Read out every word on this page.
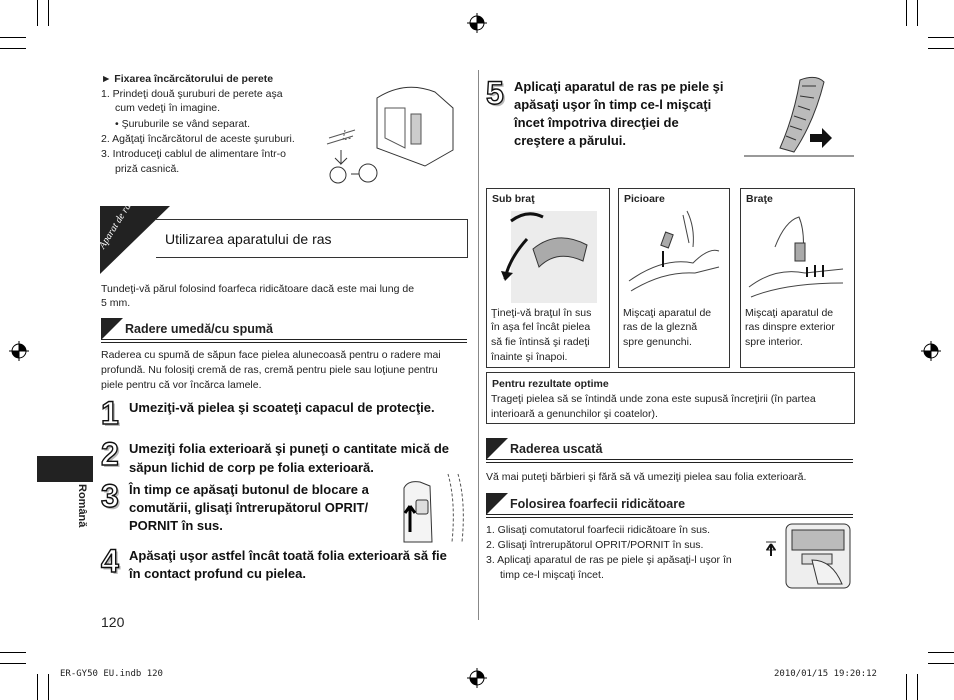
► Fixarea încărcătorului de perete
1. Prindeţi două şuruburi de perete aşa
cum vedeţi în imagine.
• Şuruburile se vând separat.
2. Agăţaţi încărcătorul de aceste şuruburi.
3. Introduceţi cablul de alimentare într-o
priză casnică.
Aparat de ras Utilizarea aparatului de ras
Tundeţi-vă părul folosind foarfeca ridicătoare dacă este mai lung de
5 mm.
Radere umedă/cu spumă
Raderea cu spumă de săpun face pielea alunecoasă pentru o radere mai
profundă. Nu folosiţi cremă de ras, cremă pentru piele sau loţiune pentru
piele pentru că vor încărca lamele.
1 Umeziţi-vă pielea şi scoateţi capacul de protecţie.
2 Umeziţi folia exterioară şi puneţi o cantitate mică de
săpun lichid de corp pe folia exterioară.
3 În timp ce apăsaţi butonul de blocare a
comutării, glisaţi întrerupătorul OPRIT/
PORNIT în sus.
4 Apăsaţi uşor astfel încât toată folia exterioară să fie
în contact profund cu pielea.
120
Română
5 Aplicaţi aparatul de ras pe piele şi
apăsaţi uşor în timp ce-l mişcaţi
încet împotriva direcţiei de
creştere a părului.
Sub braţ
Ţineţi-vă braţul în sus
în aşa fel încât pielea
să fie întinsă şi radeţi
înainte şi înapoi.
Picioare
Mişcaţi aparatul de
ras de la gleznă
spre genunchi.
Braţe
Mişcaţi aparatul de
ras dinspre exterior
spre interior.
Pentru rezultate optime
Trageţi pielea să se întindă unde zona este supusă încreţirii (în partea
interioară a genunchilor şi coatelor).
Raderea uscată
Vă mai puteţi bărbieri şi fără să vă umeziţi pielea sau folia exterioară.
Folosirea foarfecii ridicătoare
1. Glisaţi comutatorul foarfecii ridicătoare în sus.
2. Glisaţi întrerupătorul OPRIT/PORNIT în sus.
3. Aplicaţi aparatul de ras pe piele şi apăsaţi-l uşor în
timp ce-l mişcaţi încet.
ER-GY50 EU.indb 120	2010/01/15 19:20:12
